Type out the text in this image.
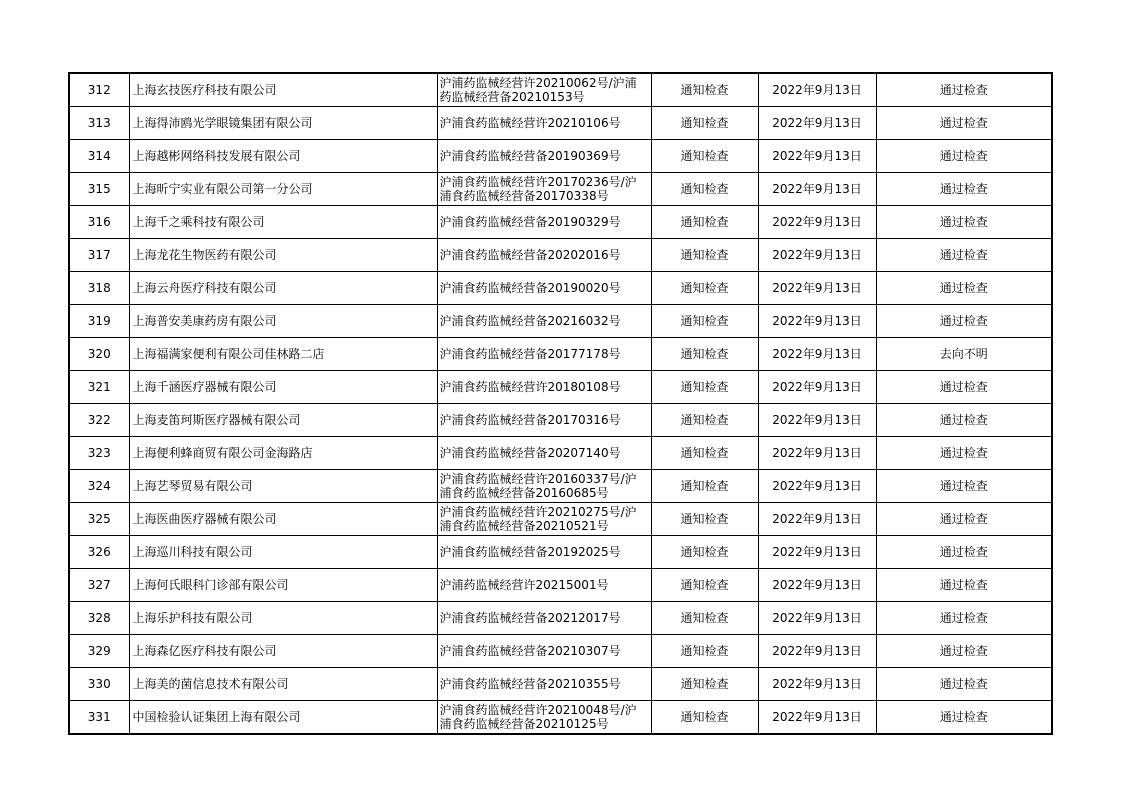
312	上海玄技医疗科技有限公司	沪浦药监械经营许20210062号/沪浦药监械经营备20210153号	通知检查	2022年9月13日	通过检查
313	上海得沛鸥光学眼镜集团有限公司	沪浦食药监械经营许20210106号	通知检查	2022年9月13日	通过检查
314	上海越彬网络科技发展有限公司	沪浦食药监械经营备20190369号	通知检查	2022年9月13日	通过检查
315	上海昕宁实业有限公司第一分公司	沪浦食药监械经营许20170236号/沪浦食药监械经营备20170338号	通知检查	2022年9月13日	通过检查
316	上海千之乘科技有限公司	沪浦食药监械经营备20190329号	通知检查	2022年9月13日	通过检查
317	上海龙花生物医药有限公司	沪浦食药监械经营备20202016号	通知检查	2022年9月13日	通过检查
318	上海云舟医疗科技有限公司	沪浦食药监械经营备20190020号	通知检查	2022年9月13日	通过检查
319	上海普安美康药房有限公司	沪浦食药监械经营备20216032号	通知检查	2022年9月13日	通过检查
320	上海福满家便利有限公司佳林路二店	沪浦食药监械经营备20177178号	通知检查	2022年9月13日	去向不明
321	上海千涵医疗器械有限公司	沪浦食药监械经营许20180108号	通知检查	2022年9月13日	通过检查
322	上海麦笛珂斯医疗器械有限公司	沪浦食药监械经营备20170316号	通知检查	2022年9月13日	通过检查
323	上海便利蜂商贸有限公司金海路店	沪浦食药监械经营备20207140号	通知检查	2022年9月13日	通过检查
324	上海艺琴贸易有限公司	沪浦食药监械经营许20160337号/沪浦食药监械经营备20160685号	通知检查	2022年9月13日	通过检查
325	上海医曲医疗器械有限公司	沪浦食药监械经营许20210275号/沪浦食药监械经营备20210521号	通知检查	2022年9月13日	通过检查
326	上海巡川科技有限公司	沪浦食药监械经营备20192025号	通知检查	2022年9月13日	通过检查
327	上海何氏眼科门诊部有限公司	沪浦药监械经营许20215001号	通知检查	2022年9月13日	通过检查
328	上海乐护科技有限公司	沪浦食药监械经营备20212017号	通知检查	2022年9月13日	通过检查
329	上海森亿医疗科技有限公司	沪浦食药监械经营备20210307号	通知检查	2022年9月13日	通过检查
330	上海美的菌信息技术有限公司	沪浦食药监械经营备20210355号	通知检查	2022年9月13日	通过检查
331	中国检验认证集团上海有限公司	沪浦食药监械经营许20210048号/沪浦食药监械经营备20210125号	通知检查	2022年9月13日	通过检查
